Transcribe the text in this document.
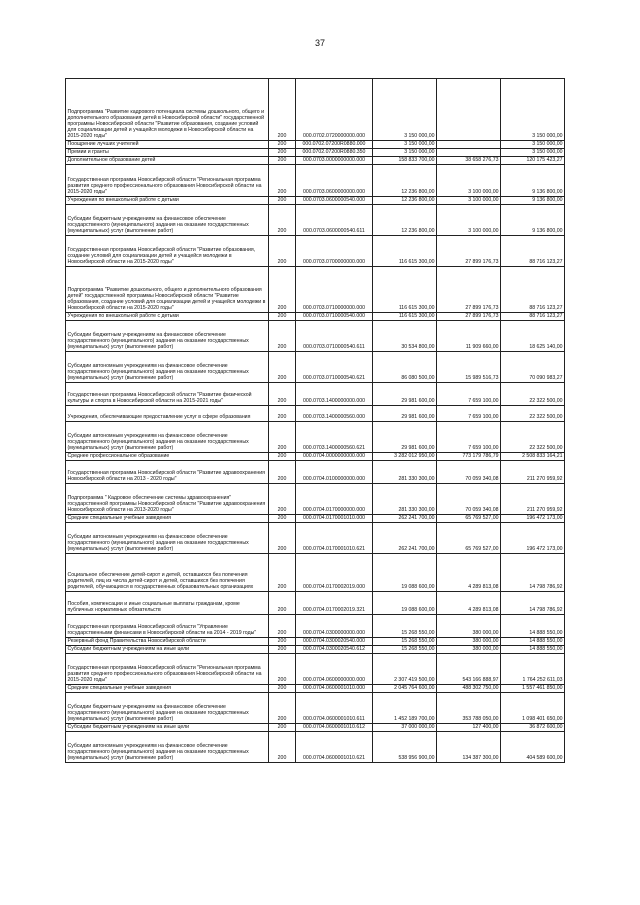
37
Подпрограмма "Развитие кадрового потенциала системы дошкольного, общего и дополнительного образования детей в Новосибирской области" государственной программы Новосибирской области "Развитие образования, создание условий для социализации детей и учащейся молодежи в Новосибирской области на 2015-2020 годы"	200	000.0702.0720000000.000	3 150 000,00		3 150 000,00
Поощрение лучших учителей	200	000.0702.07200R0880.000	3 150 000,00		3 150 000,00
Премии и гранты	200	000.0702.07200R0880.350	3 150 000,00		3 150 000,00
Дополнительное образование детей	200	000.0703.0000000000.000	158 833 700,00	38 658 276,73	120 175 423,27
Государственная программа Новосибирской области "Региональная программа развития среднего профессионального образования Новосибирской области на 2015-2020 годы"	200	000.0703.0600000000.000	12 236 800,00	3 100 000,00	9 136 800,00
Учреждения по внешкольной работе с детьми	200	000.0703.0600000540.000	12 236 800,00	3 100 000,00	9 136 800,00
Субсидии бюджетным учреждениям на финансовое обеспечение государственного (муниципального) задания на оказание государственных (муниципальных) услуг (выполнение работ)	200	000.0703.0600000540.611	12 236 800,00	3 100 000,00	9 136 800,00
Государственная программа Новосибирской области "Развитие образования, создание условий для социализации детей и учащейся молодежи в Новосибирской области на 2015-2020 годы"	200	000.0703.0700000000.000	116 615 300,00	27 899 176,73	88 716 123,27
Подпрограмма "Развитие дошкольного, общего и дополнительного образования детей" государственной программы Новосибирской области "Развитие образования, создание условий для социализации детей и учащейся молодежи в Новосибирской области на 2015-2020 годы"	200	000.0703.0710000000.000	116 615 300,00	27 899 176,73	88 716 123,27
Учреждения по внешкольной работе с детьми	200	000.0703.0710000540.000	116 615 300,00	27 899 176,73	88 716 123,27
Субсидии бюджетным учреждениям на финансовое обеспечение государственного (муниципального) задания на оказание государственных (муниципальных) услуг (выполнение работ)	200	000.0703.0710000540.611	30 534 800,00	11 909 660,00	18 625 140,00
Субсидии автономным учреждениям на финансовое обеспечение государственного (муниципального) задания на оказание государственных (муниципальных) услуг (выполнение работ)	200	000.0703.0710000540.621	86 080 500,00	15 989 516,73	70 090 983,27
Государственная программа Новосибирской области "Развитие физической культуры и спорта в Новосибирской области на 2015-2021 годы"	200	000.0703.1400000000.000	29 981 600,00	7 659 100,00	22 322 500,00
Учреждения, обеспечивающие предоставление услуг в сфере образования	200	000.0703.1400000560.000	29 981 600,00	7 659 100,00	22 322 500,00
Субсидии автономным учреждениям на финансовое обеспечение государственного (муниципального) задания на оказание государственных (муниципальных) услуг (выполнение работ)	200	000.0703.1400000560.621	29 981 600,00	7 659 100,00	22 322 500,00
Среднее профессиональное образование	200	000.0704.0000000000.000	3 282 012 950,00	773 179 786,79	2 508 833 164,21
Государственная программа Новосибирской области "Развитие здравоохранения Новосибирской области на 2013 - 2020 годы"	200	000.0704.0100000000.000	281 330 300,00	70 059 340,08	211 270 959,92
Подпрограмма " Кадровое обеспечение системы здравоохранения" государственной программы Новосибирской области "Развитие здравоохранения Новосибирской области на 2013-2020 годы"	200	000.0704.0170000000.000	281 330 300,00	70 059 340,08	211 270 959,92
Средние специальные учебные заведения	200	000.0704.0170001010.000	262 241 700,00	65 769 527,00	196 472 173,00
Субсидии автономным учреждениям на финансовое обеспечение государственного (муниципального) задания на оказание государственных (муниципальных) услуг (выполнение работ)	200	000.0704.0170001010.621	262 241 700,00	65 769 527,00	196 472 173,00
Социальное обеспечение детей-сирот и детей, оставшихся без попечения родителей, лиц из числа детей-сирот и детей, оставшихся без попечения родителей, обучающихся в государственных образовательных организациях	200	000.0704.0170002019.000	19 088 600,00	4 289 813,08	14 798 786,92
Пособия, компенсации и иные социальные выплаты гражданам, кроме публичных нормативных обязательств	200	000.0704.0170002019.321	19 088 600,00	4 289 813,08	14 798 786,92
Государственная программа Новосибирской области "Управление государственными финансами в Новосибирской области на 2014 - 2019 годы"	200	000.0704.0300000000.000	15 268 550,00	380 000,00	14 888 550,00
Резервный фонд Правительства Новосибирской области	200	000.0704.0300020540.000	15 268 550,00	380 000,00	14 888 550,00
Субсидии бюджетным учреждениям на иные цели	200	000.0704.0300020540.612	15 268 550,00	380 000,00	14 888 550,00
Государственная программа Новосибирской области "Региональная программа развития среднего профессионального образования Новосибирской области на 2015-2020 годы"	200	000.0704.0600000000.000	2 307 419 500,00	543 166 888,97	1 764 252 611,03
Средние специальные учебные заведения	200	000.0704.0600001010.000	2 045 764 600,00	488 302 750,00	1 557 461 850,00
Субсидии бюджетным учреждениям на финансовое обеспечение государственного (муниципального) задания на оказание государственных (муниципальных) услуг (выполнение работ)	200	000.0704.0600001010.611	1 452 189 700,00	353 788 050,00	1 098 401 650,00
Субсидии бюджетным учреждениям на иные цели	200	000.0704.0600001010.612	37 000 000,00	127 400,00	36 872 600,00
Субсидии автономным учреждениям на финансовое обеспечение государственного (муниципального) задания на оказание государственных (муниципальных) услуг (выполнение работ)	200	000.0704.0600001010.621	538 956 900,00	134 387 300,00	404 589 600,00
